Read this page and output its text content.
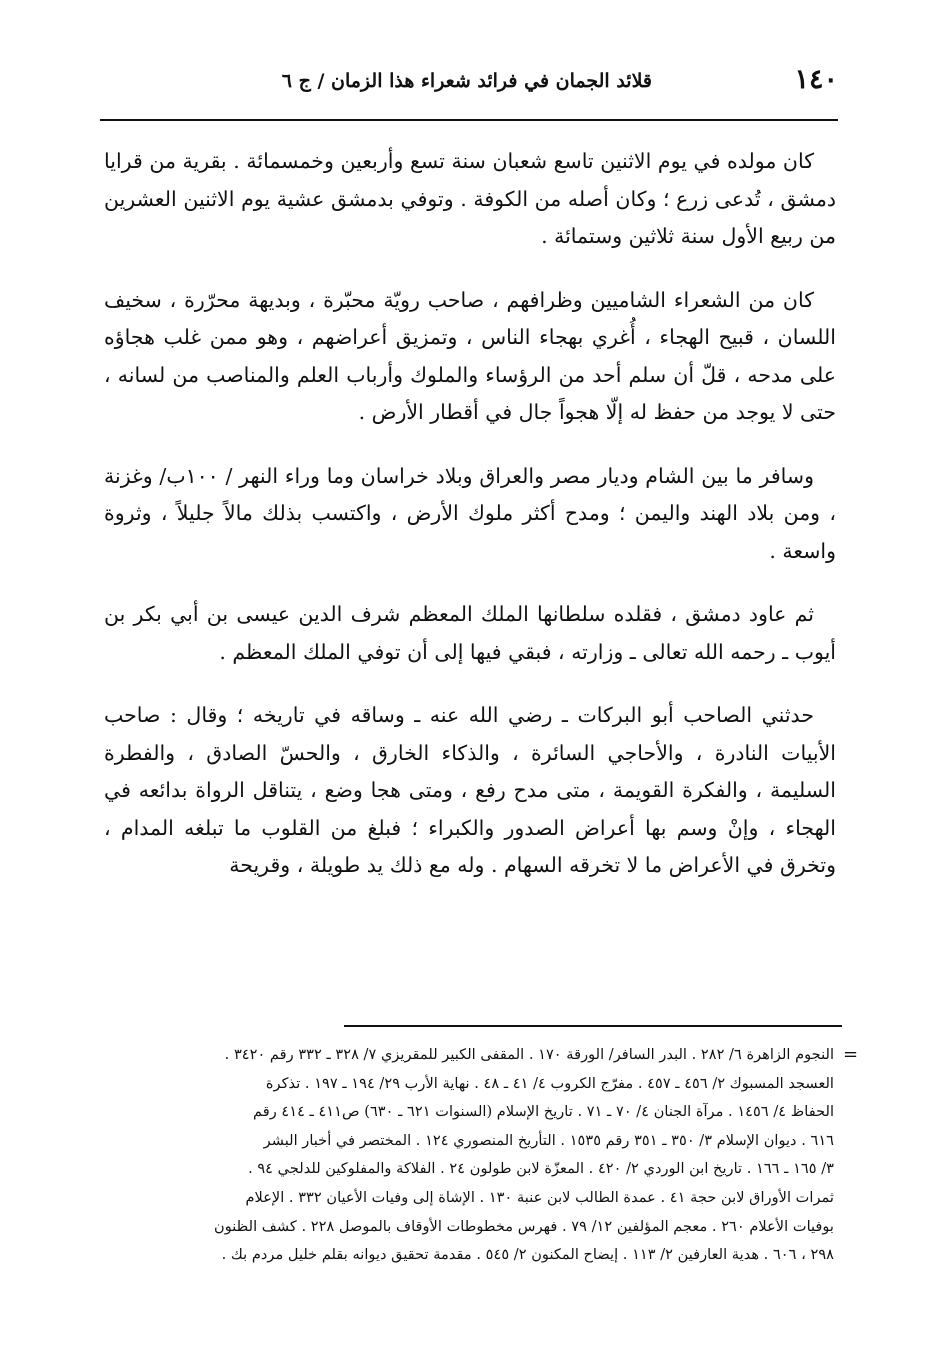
١٤٠
قلائد الجمان في فرائد شعراء هذا الزمان / ج ٦

كان مولده في يوم الاثنين تاسع شعبان سنة تسع وأربعين وخمسمائة . بقرية من قرايا دمشق ، تُدعى زرع ؛ وكان أصله من الكوفة . وتوفي بدمشق عشية يوم الاثنين العشرين من ربيع الأول سنة ثلاثين وستمائة .

كان من الشعراء الشاميين وظرافهم ، صاحب رويّة محبّرة ، وبديهة محرّرة ، سخيف اللسان ، قبيح الهجاء ، أُغري بهجاء الناس ، وتمزيق أعراضهم ، وهو ممن غلب هجاؤه على مدحه ، قلّ أن سلم أحد من الرؤساء والملوك وأرباب العلم والمناصب من لسانه ، حتى لا يوجد من حفظ له إلّا هجواً جال في أقطار الأرض .

وسافر ما بين الشام وديار مصر والعراق وبلاد خراسان وما وراء النهر / ١٠٠ب/ وغزنة ، ومن بلاد الهند واليمن ؛ ومدح أكثر ملوك الأرض ، واكتسب بذلك مالاً جليلاً ، وثروة واسعة .

ثم عاود دمشق ، فقلده سلطانها الملك المعظم شرف الدين عيسى بن أبي بكر بن أيوب ـ رحمه الله تعالى ـ وزارته ، فبقي فيها إلى أن توفي الملك المعظم .

حدثني الصاحب أبو البركات ـ رضي الله عنه ـ وساقه في تاريخه ؛ وقال : صاحب الأبيات النادرة ، والأحاجي السائرة ، والذكاء الخارق ، والحسّ الصادق ، والفطرة السليمة ، والفكرة القويمة ، متى مدح رفع ، ومتى هجا وضع ، يتناقل الرواة بدائعه في الهجاء ، وإنْ وسم بها أعراض الصدور والكبراء ؛ فبلغ من القلوب ما تبلغه المدام ، وتخرق في الأعراض ما لا تخرقه السهام . وله مع ذلك يد طويلة ، وقريحة

=

النجوم الزاهرة ٦/ ٢٨٢ . البدر السافر/ الورقة ١٧٠ . المقفى الكبير للمقريزي ٧/ ٣٢٨ ـ ٣٣٢ رقم ٣٤٢٠ .

العسجد المسبوك ٢/ ٤٥٦ ـ ٤٥٧ . مفرّج الكروب ٤/ ٤١ ـ ٤٨ . نهاية الأرب ٢٩/ ١٩٤ ـ ١٩٧ . تذكرة

الحفاظ ٤/ ١٤٥٦ . مرآة الجنان ٤/ ٧٠ ـ ٧١ . تاريخ الإسلام (السنوات ٦٢١ ـ ٦٣٠) ص٤١١ ـ ٤١٤ رقم

٦١٦ . ديوان الإسلام ٣/ ٣٥٠ ـ ٣٥١ رقم ١٥٣٥ . التأريخ المنصوري ١٢٤ . المختصر في أخبار البشر

٣/ ١٦٥ ـ ١٦٦ . تاريخ ابن الوردي ٢/ ٤٢٠ . المعزّة لابن طولون ٢٤ . الفلاكة والمفلوكين للدلجي ٩٤ .

ثمرات الأوراق لابن حجة ٤١ . عمدة الطالب لابن عنبة ١٣٠ . الإشاة إلى وفيات الأعيان ٣٣٢ . الإعلام

بوفيات الأعلام ٢٦٠ . معجم المؤلفين ١٢/ ٧٩ . فهرس مخطوطات الأوقاف بالموصل ٢٢٨ . كشف الظنون

٢٩٨ ، ٦٠٦ . هدية العارفين ٢/ ١١٣ . إيضاح المكنون ٢/ ٥٤٥ . مقدمة تحقيق ديوانه بقلم خليل مردم بك .
